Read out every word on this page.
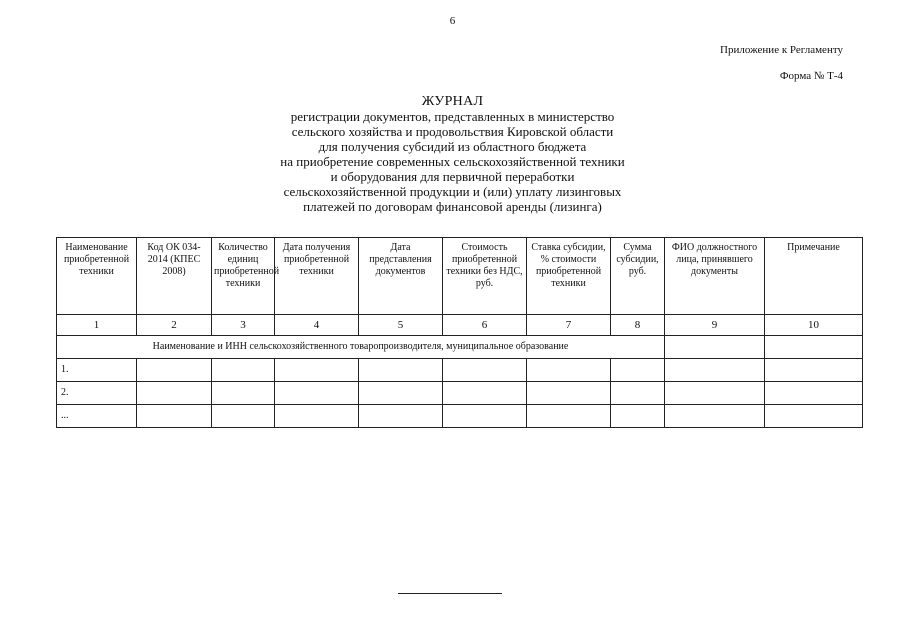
6
Приложение к Регламенту
Форма № Т-4
ЖУРНАЛ
регистрации документов, представленных в министерство
сельского хозяйства и продовольствия Кировской области
для получения субсидий из областного бюджета
на приобретение современных сельскохозяйственной техники
и оборудования для первичной переработки
сельскохозяйственной продукции и (или) уплату лизинговых
платежей по договорам финансовой аренды (лизинга)
Наименование приобретенной техники	Код ОК 034-2014 (КПЕС 2008)	Количество единиц приобретенной техники	Дата получения приобретенной техники	Дата представления документов	Стоимость приобретенной техники без НДС, руб.	Ставка субсидии, % стоимости приобретенной техники	Сумма субсидии, руб.	ФИО должностного лица, принявшего документы	Примечание
1	2	3	4	5	6	7	8	9	10
Наименование и ИНН сельскохозяйственного товаропроизводителя, муниципальное образование									
1.									
2.									
...									
